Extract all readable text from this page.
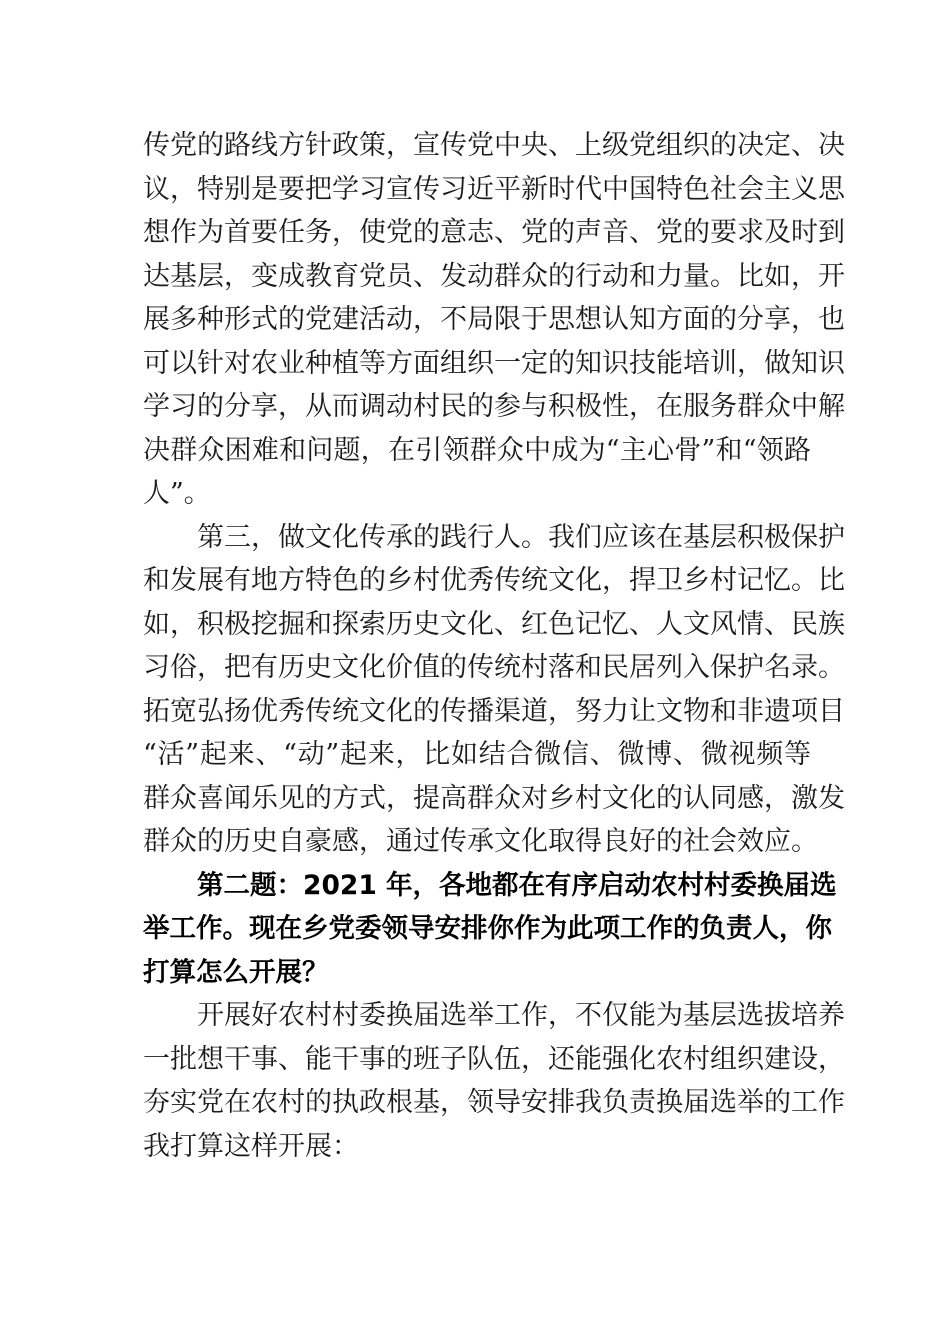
传党的路线方针政策，宣传党中央、上级党组织的决定、决
议，特别是要把学习宣传习近平新时代中国特色社会主义思
想作为首要任务，使党的意志、党的声音、党的要求及时到
达基层，变成教育党员、发动群众的行动和力量。比如，开
展多种形式的党建活动，不局限于思想认知方面的分享，也
可以针对农业种植等方面组织一定的知识技能培训，做知识
学习的分享，从而调动村民的参与积极性，在服务群众中解
决群众困难和问题，在引领群众中成为“主心骨”和“领路
人”。
第三，做文化传承的践行人。我们应该在基层积极保护
和发展有地方特色的乡村优秀传统文化，捍卫乡村记忆。比
如，积极挖掘和探索历史文化、红色记忆、人文风情、民族
习俗，把有历史文化价值的传统村落和民居列入保护名录。
拓宽弘扬优秀传统文化的传播渠道，努力让文物和非遗项目
“活”起来、“动”起来，比如结合微信、微博、微视频等
群众喜闻乐见的方式，提高群众对乡村文化的认同感，激发
群众的历史自豪感，通过传承文化取得良好的社会效应。
第二题：2021 年，各地都在有序启动农村村委换届选
举工作。现在乡党委领导安排你作为此项工作的负责人，你
打算怎么开展？
开展好农村村委换届选举工作，不仅能为基层选拔培养
一批想干事、能干事的班子队伍，还能强化农村组织建设，
夯实党在农村的执政根基，领导安排我负责换届选举的工作
我打算这样开展：
